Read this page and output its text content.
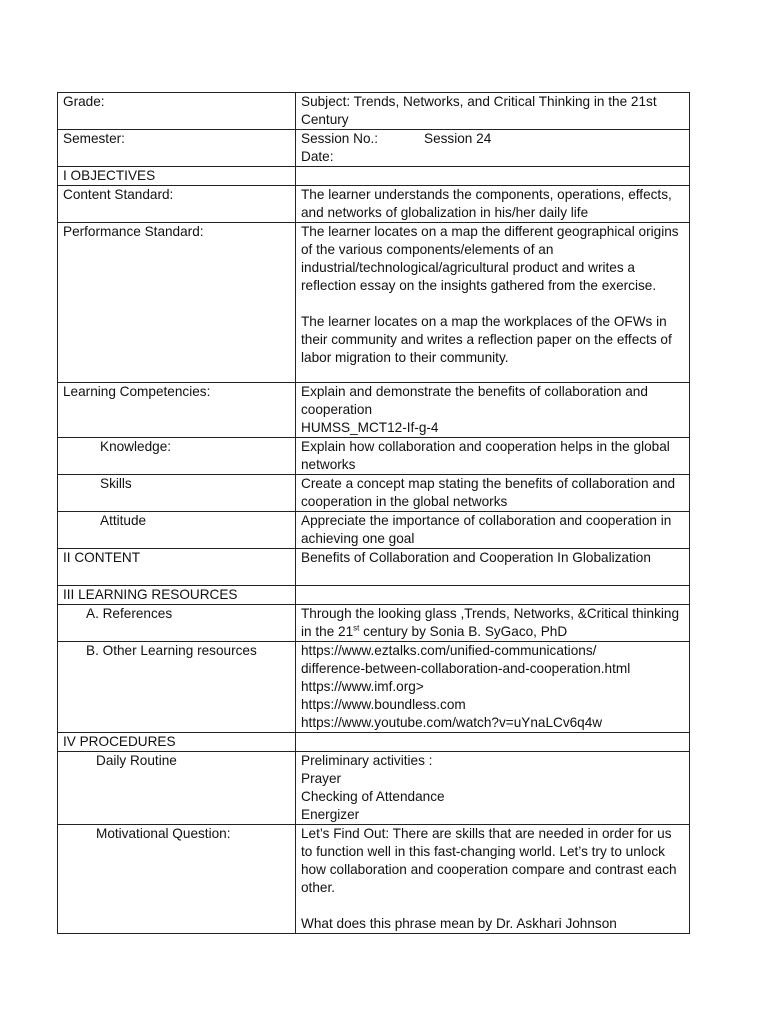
Grade:	Subject: Trends, Networks, and Critical Thinking in the 21st Century
Semester:	Session No.: Session 24
Date:
I OBJECTIVES	
Content Standard:	The learner understands the components, operations, effects, and networks of globalization in his/her daily life
Performance Standard:	The learner locates on a map the different geographical origins of the various components/elements of an industrial/technological/agricultural product and writes a reflection essay on the insights gathered from the exercise.
The learner locates on a map the workplaces of the OFWs in their community and writes a reflection paper on the effects of labor migration to their community.

Learning Competencies:	Explain and demonstrate the benefits of collaboration and cooperation
HUMSS_MCT12-If-g-4
Knowledge:	Explain how collaboration and cooperation helps in the global networks
Skills	Create a concept map stating the benefits of collaboration and cooperation in the global networks
Attitude	Appreciate the importance of collaboration and cooperation in achieving one goal
II CONTENT	Benefits of Collaboration and Cooperation In Globalization
III LEARNING RESOURCES	
A. References	Through the looking glass ,Trends, Networks, &Critical thinking in the 21st century by Sonia B. SyGaco, PhD
B. Other Learning resources	https://www.eztalks.com/unified-communications/
difference-between-collaboration-and-cooperation.html
https://www.imf.org>
https://www.boundless.com
https://www.youtube.com/watch?v=uYnaLCv6q4w
IV PROCEDURES	
Daily Routine	Preliminary activities :
Prayer
Checking of Attendance
Energizer
Motivational Question:	Let’s Find Out: There are skills that are needed in order for us to function well in this fast-changing world. Let’s try to unlock how collaboration and cooperation compare and contrast each other.
What does this phrase mean by Dr. Askhari Johnson
